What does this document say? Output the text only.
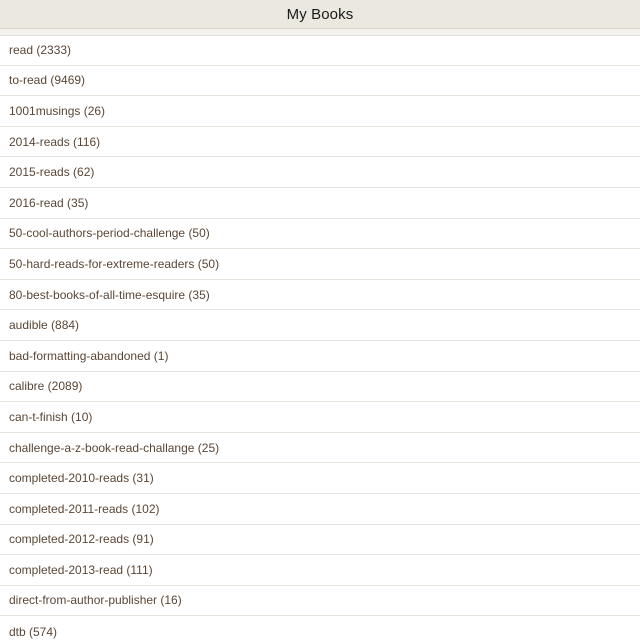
My Books
read (2333)
to-read (9469)
1001musings (26)
2014-reads (116)
2015-reads (62)
2016-read (35)
50-cool-authors-period-challenge (50)
50-hard-reads-for-extreme-readers (50)
80-best-books-of-all-time-esquire (35)
audible (884)
bad-formatting-abandoned (1)
calibre (2089)
can-t-finish (10)
challenge-a-z-book-read-challange (25)
completed-2010-reads (31)
completed-2011-reads (102)
completed-2012-reads (91)
completed-2013-read (111)
direct-from-author-publisher (16)
dtb (574)
